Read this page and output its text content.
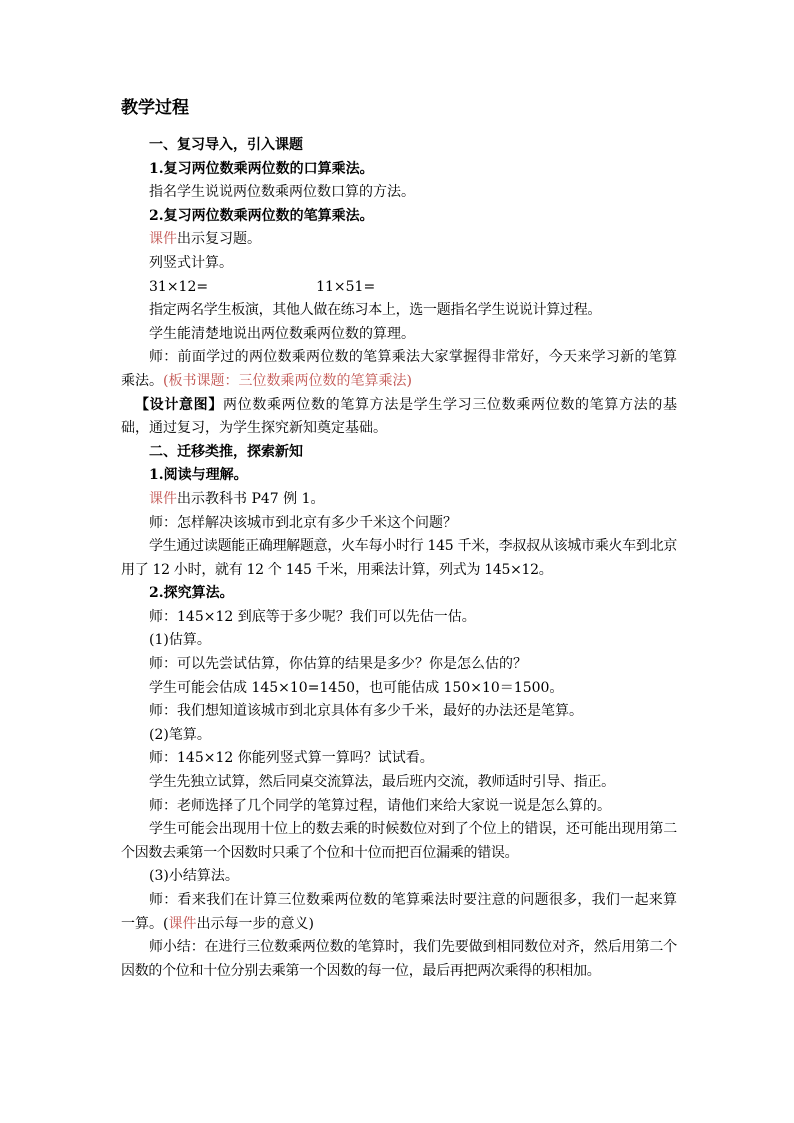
教学过程

一、复习导入，引入课题

1.复习两位数乘两位数的口算乘法。

指名学生说说两位数乘两位数口算的方法。

2.复习两位数乘两位数的笔算乘法。

课件出示复习题。

列竖式计算。

31×12=	11×51=

指定两名学生板演，其他人做在练习本上，选一题指名学生说说计算过程。

学生能清楚地说出两位数乘两位数的算理。

师：前面学过的两位数乘两位数的笔算乘法大家掌握得非常好，今天来学习新的笔算乘法。(板书课题：三位数乘两位数的笔算乘法)

【设计意图】两位数乘两位数的笔算方法是学生学习三位数乘两位数的笔算方法的基础，通过复习，为学生探究新知奠定基础。

二、迁移类推，探索新知

1.阅读与理解。

课件出示教科书 P47 例 1。

师：怎样解决该城市到北京有多少千米这个问题？

学生通过读题能正确理解题意，火车每小时行 145 千米，李叔叔从该城市乘火车到北京用了 12 小时，就有 12 个 145 千米，用乘法计算，列式为 145×12。

2.探究算法。

师：145×12 到底等于多少呢？我们可以先估一估。

(1)估算。

师：可以先尝试估算，你估算的结果是多少？你是怎么估的？

学生可能会估成 145×10=1450，也可能估成 150×10＝1500。

师：我们想知道该城市到北京具体有多少千米，最好的办法还是笔算。

(2)笔算。

师：145×12 你能列竖式算一算吗？试试看。

学生先独立试算，然后同桌交流算法，最后班内交流，教师适时引导、指正。

师：老师选择了几个同学的笔算过程，请他们来给大家说一说是怎么算的。

学生可能会出现用十位上的数去乘的时候数位对到了个位上的错误，还可能出现用第二个因数去乘第一个因数时只乘了个位和十位而把百位漏乘的错误。

(3)小结算法。

师：看来我们在计算三位数乘两位数的笔算乘法时要注意的问题很多，我们一起来算一算。(课件出示每一步的意义)

师小结：在进行三位数乘两位数的笔算时，我们先要做到相同数位对齐，然后用第二个因数的个位和十位分别去乘第一个因数的每一位，最后再把两次乘得的积相加。
